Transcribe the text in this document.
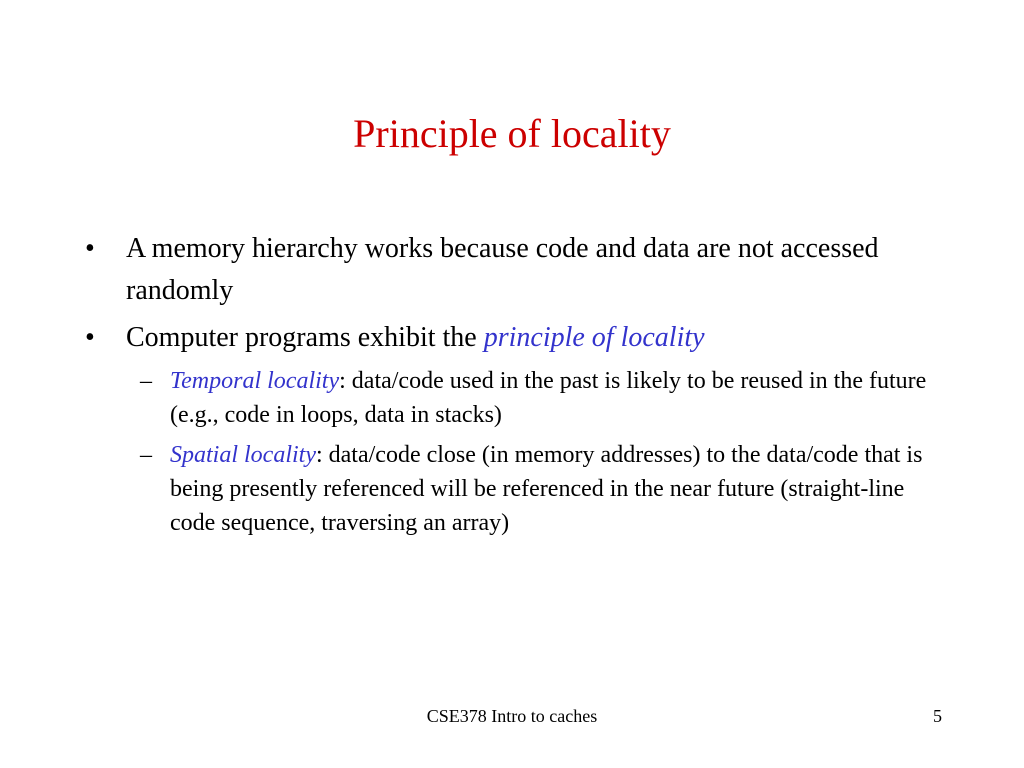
Principle of locality
• A memory hierarchy works because code and data are not accessed randomly
• Computer programs exhibit the principle of locality
– Temporal locality: data/code used in the past is likely to be reused in the future (e.g., code in loops, data in stacks)
– Spatial locality: data/code close (in memory addresses) to the data/code that is being presently referenced will be referenced in the near future (straight-line code sequence, traversing an array)
CSE378 Intro to caches	5
